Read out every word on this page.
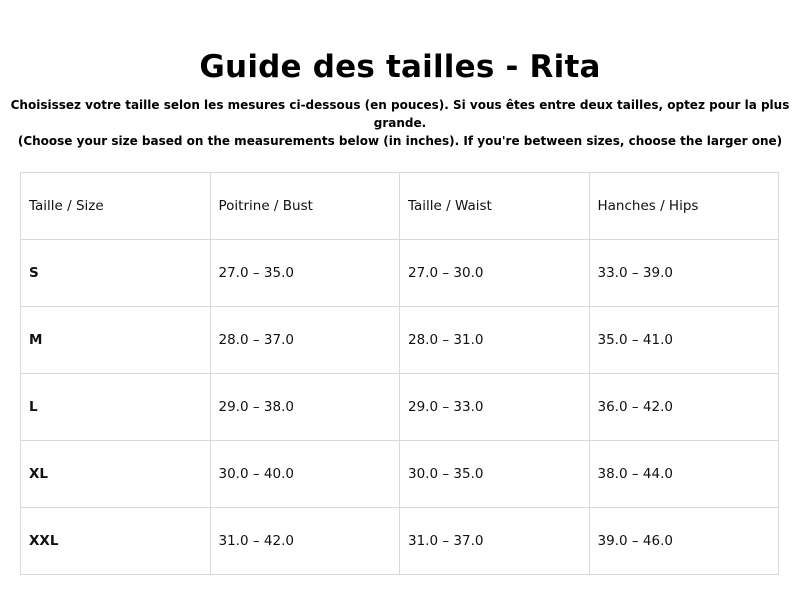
Guide des tailles - Rita
Choisissez votre taille selon les mesures ci-dessous (en pouces). Si vous êtes entre deux tailles, optez pour la plus grande.
(Choose your size based on the measurements below (in inches). If you're between sizes, choose the larger one)
Taille / Size	Poitrine / Bust	Taille / Waist	Hanches / Hips
S	27.0 – 35.0	27.0 – 30.0	33.0 – 39.0
M	28.0 – 37.0	28.0 – 31.0	35.0 – 41.0
L	29.0 – 38.0	29.0 – 33.0	36.0 – 42.0
XL	30.0 – 40.0	30.0 – 35.0	38.0 – 44.0
XXL	31.0 – 42.0	31.0 – 37.0	39.0 – 46.0
